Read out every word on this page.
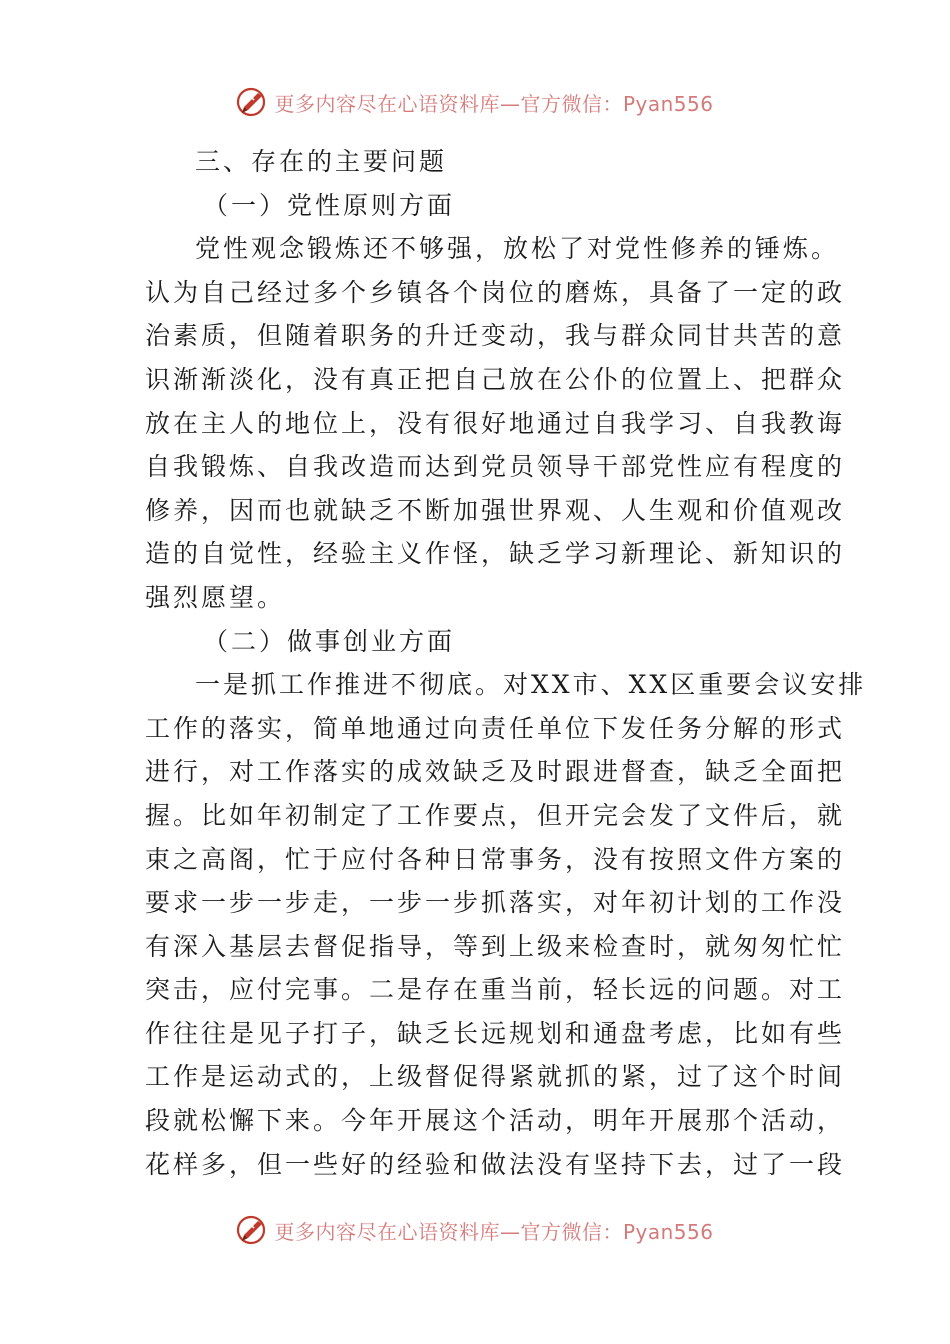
更多内容尽在心语资料库—官方微信：Pyan556
三、存在的主要问题
（一）党性原则方面
党性观念锻炼还不够强，放松了对党性修养的锤炼。
认为自己经过多个乡镇各个岗位的磨炼，具备了一定的政
治素质，但随着职务的升迁变动，我与群众同甘共苦的意
识渐渐淡化，没有真正把自己放在公仆的位置上、把群众
放在主人的地位上，没有很好地通过自我学习、自我教诲
自我锻炼、自我改造而达到党员领导干部党性应有程度的
修养，因而也就缺乏不断加强世界观、人生观和价值观改
造的自觉性，经验主义作怪，缺乏学习新理论、新知识的
强烈愿望。
（二）做事创业方面
一是抓工作推进不彻底。对XX市、XX区重要会议安排
工作的落实，简单地通过向责任单位下发任务分解的形式
进行，对工作落实的成效缺乏及时跟进督查，缺乏全面把
握。比如年初制定了工作要点，但开完会发了文件后，就
束之高阁，忙于应付各种日常事务，没有按照文件方案的
要求一步一步走，一步一步抓落实，对年初计划的工作没
有深入基层去督促指导，等到上级来检查时，就匆匆忙忙
突击，应付完事。二是存在重当前，轻长远的问题。对工
作往往是见子打子，缺乏长远规划和通盘考虑，比如有些
工作是运动式的，上级督促得紧就抓的紧，过了这个时间
段就松懈下来。今年开展这个活动，明年开展那个活动，
花样多，但一些好的经验和做法没有坚持下去，过了一段
更多内容尽在心语资料库—官方微信：Pyan556
